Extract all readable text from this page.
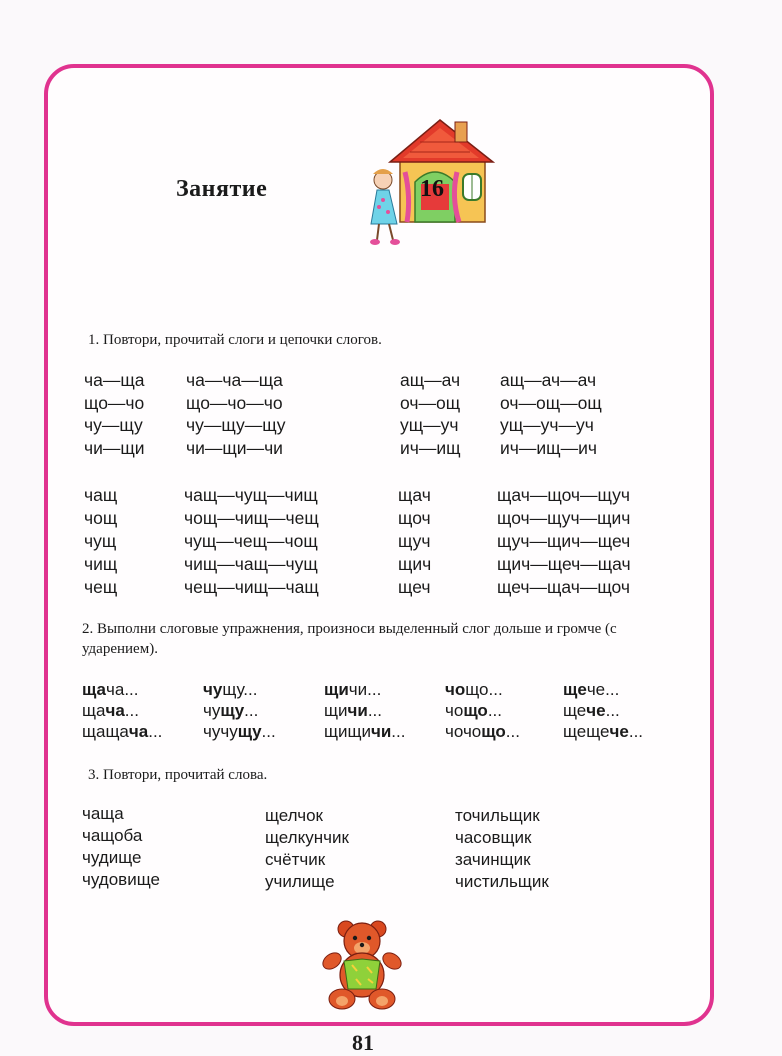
Занятие	16
1. Повтори, прочитай слоги и цепочки слогов.
ча—ща
що—чо
чу—щу
чи—щи
ча—ча—ща
що—чо—чо
чу—щу—щу
чи—щи—чи
ащ—ач
оч—ощ
ущ—уч
ич—ищ
ащ—ач—ач
оч—ощ—ощ
ущ—уч—уч
ич—ищ—ич
чащ
чощ
чущ
чищ
чещ
чащ—чущ—чищ
чощ—чищ—чещ
чущ—чещ—чощ
чищ—чащ—чущ
чещ—чищ—чащ
щач
щоч
щуч
щич
щеч
щач—щоч—щуч
щоч—щуч—щич
щуч—щич—щеч
щич—щеч—щач
щеч—щач—щоч
2. Выполни слоговые упражнения, произноси выделенный слог дольше и громче (с ударением).
щача...
щача...
щащача...
чущу...
чущу...
чучущу...
щичи...
щичи...
щищичи...
чощо...
чощо...
чочощо...
щече...
щече...
щещече...
3. Повтори, прочитай слова.
чаща
чащоба
чудище
чудовище
щелчок
щелкунчик
счётчик
училище
точильщик
часовщик
зачинщик
чистильщик
81
